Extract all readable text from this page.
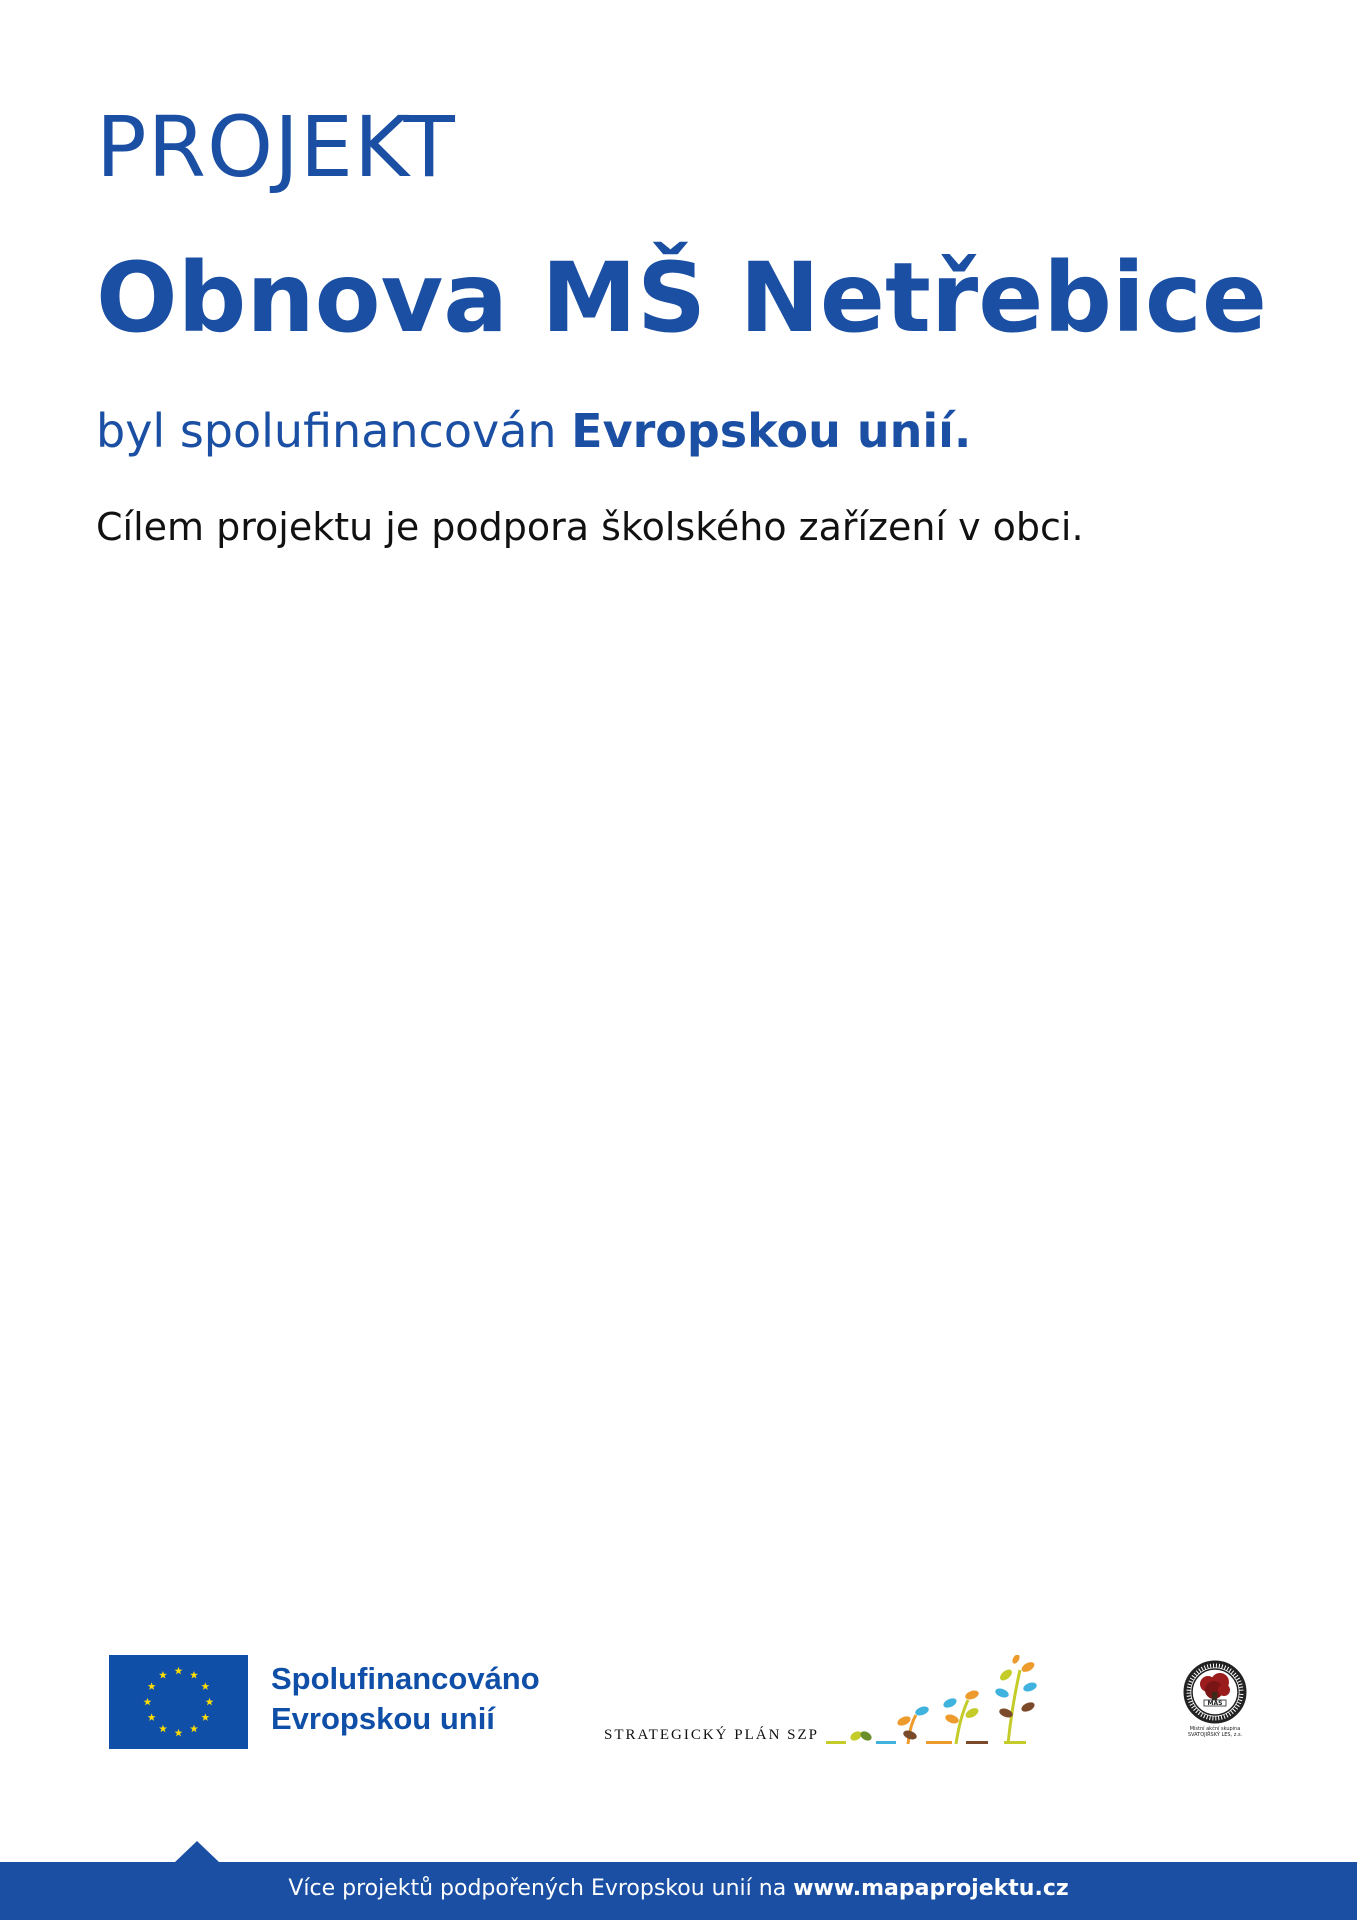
PROJEKT
Obnova MŠ Netřebice
byl spolufinancován Evropskou unií.
Cílem projektu je podpora školského zařízení v obci.
Spolufinancováno
Evropskou unií	STRATEGICKÝ PLÁN SZP
MAS
Místní akční skupina
SVATOJIŘSKÝ LES, z.s.
Více projektů podpořených Evropskou unií na www.mapaprojektu.cz
